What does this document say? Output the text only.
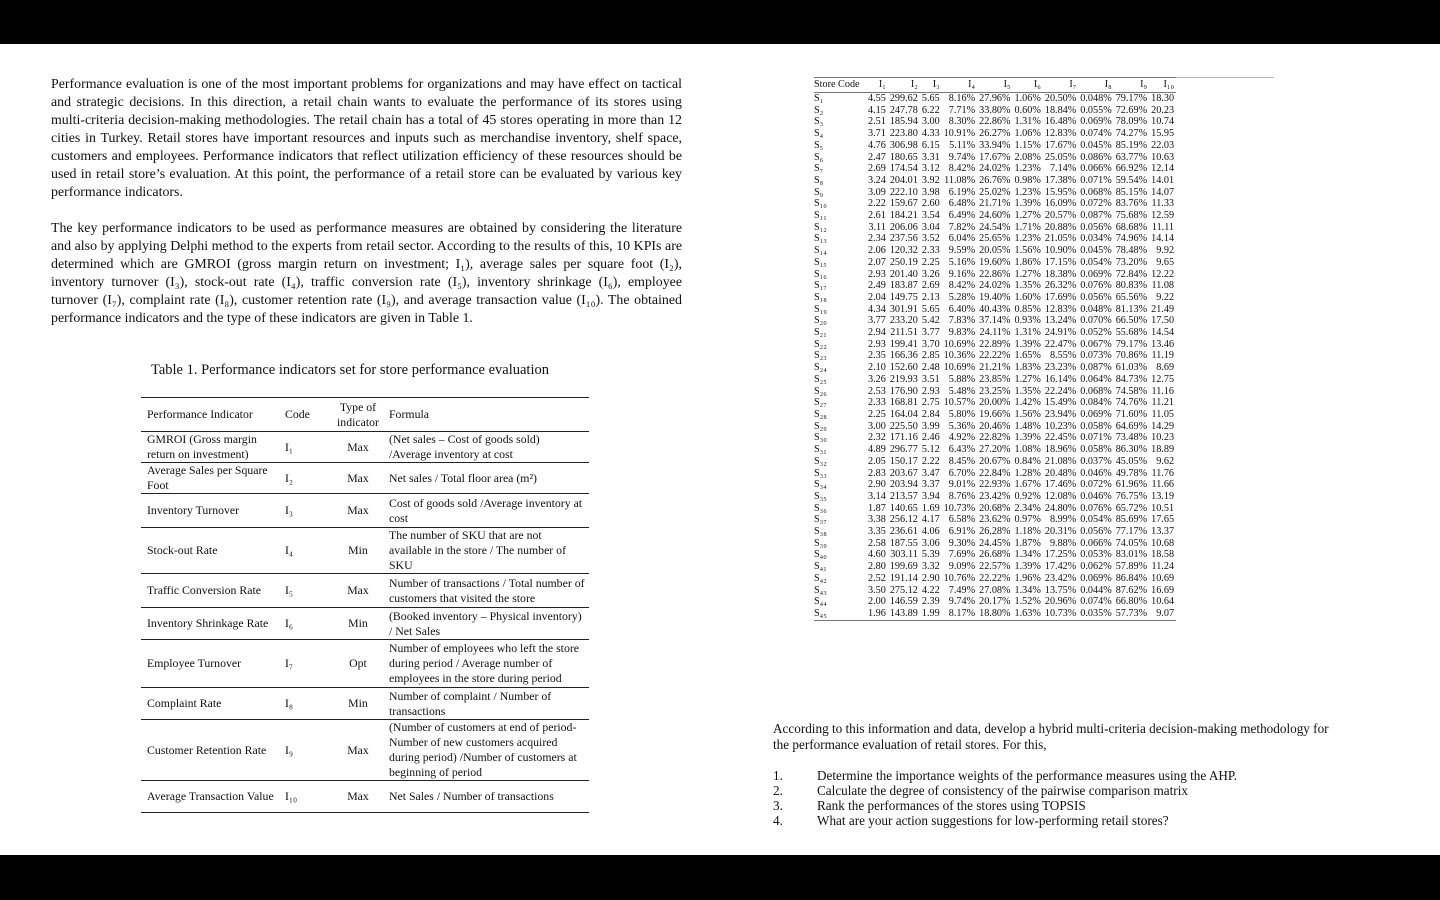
Performance evaluation is one of the most important problems for organizations and may have effect on tactical and strategic decisions. In this direction, a retail chain wants to evaluate the performance of its stores using multi-criteria decision-making methodologies. The retail chain has a total of 45 stores operating in more than 12 cities in Turkey. Retail stores have important resources and inputs such as merchandise inventory, shelf space, customers and employees. Performance indicators that reflect utilization efficiency of these resources should be used in retail store’s evaluation. At this point, the performance of a retail store can be evaluated by various key performance indicators.

The key performance indicators to be used as performance measures are obtained by considering the literature and also by applying Delphi method to the experts from retail sector. According to the results of this, 10 KPIs are determined which are GMROI (gross margin return on investment; I₁), average sales per square foot (I₂), inventory turnover (I₃), stock-out rate (I₄), traffic conversion rate (I₅), inventory shrinkage (I₆), employee turnover (I₇), complaint rate (I₈), customer retention rate (I₉), and average transaction value (I₁₀). The obtained performance indicators and the type of these indicators are given in Table 1.

Table 1. Performance indicators set for store performance evaluation
Performance Indicator	Code	Type of indicator	Formula
GMROI (Gross margin return on investment)	I₁	Max	(Net sales – Cost of goods sold) /Average inventory at cost
Average Sales per Square Foot	I₂	Max	Net sales / Total floor area (m²)
Inventory Turnover	I₃	Max	Cost of goods sold /Average inventory at cost
Stock-out Rate	I₄	Min	The number of SKU that are not available in the store / The number of SKU
Traffic Conversion Rate	I₅	Max	Number of transactions / Total number of customers that visited the store
Inventory Shrinkage Rate	I₆	Min	(Booked inventory – Physical inventory) / Net Sales
Employee Turnover	I₇	Opt	Number of employees who left the store during period / Average number of employees in the store during period
Complaint Rate	I₈	Min	Number of complaint / Number of transactions
Customer Retention Rate	I₉	Max	(Number of customers at end of period- Number of new customers acquired during period) /Number of customers at beginning of period
Average Transaction Value	I₁₀	Max	Net Sales / Number of transactions
Store Code	I₁	I₂	I₃	I₄	I₅	I₆	I₇	I₈	I₉	I₁₀
S₁	4.55	299.62	5.65	8.16%	27.96%	1.06%	20.50%	0.048%	79.17%	18.30
S₂	4.15	247.78	6.22	7.71%	33.80%	0.60%	18.84%	0.055%	72.69%	20.23
S₃	2.51	185.94	3.00	8.30%	22.86%	1.31%	16.48%	0.069%	78.09%	10.74
S₄	3.71	223.80	4.33	10.91%	26.27%	1.06%	12.83%	0.074%	74.27%	15.95
S₅	4.76	306.98	6.15	5.11%	33.94%	1.15%	17.67%	0.045%	85.19%	22.03
S₆	2.47	180.65	3.31	9.74%	17.67%	2.08%	25.05%	0.086%	63.77%	10.63
S₇	2.69	174.54	3.12	8.42%	24.02%	1.23%	7.14%	0.066%	66.92%	12.14
S₈	3.24	204.01	3.92	11.08%	26.76%	0.98%	17.38%	0.071%	59.54%	14.01
S₉	3.09	222.10	3.98	6.19%	25.02%	1.23%	15.95%	0.068%	85.15%	14.07
S₁₀	2.22	159.67	2.60	6.48%	21.71%	1.39%	16.09%	0.072%	83.76%	11.33
S₁₁	2.61	184.21	3.54	6.49%	24.60%	1.27%	20.57%	0.087%	75.68%	12.59
S₁₂	3.11	206.06	3.04	7.82%	24.54%	1.71%	20.88%	0.056%	68.68%	11.11
S₁₃	2.34	237.56	3.52	6.04%	25.65%	1.23%	21.05%	0.034%	74.96%	14.14
S₁₄	2.06	120.32	2.33	9.59%	20.05%	1.56%	10.90%	0.045%	78.48%	9.92
S₁₅	2.07	250.19	2.25	5.16%	19.60%	1.86%	17.15%	0.054%	73.20%	9.65
S₁₆	2.93	201.40	3.26	9.16%	22.86%	1.27%	18.38%	0.069%	72.84%	12.22
S₁₇	2.49	183.87	2.69	8.42%	24.02%	1.35%	26.32%	0.076%	80.83%	11.08
S₁₈	2.04	149.75	2.13	5.28%	19.40%	1.60%	17.69%	0.056%	65.56%	9.22
S₁₉	4.34	301.91	5.65	6.40%	40.43%	0.85%	12.83%	0.048%	81.13%	21.49
S₂₀	3.77	233.20	5.42	7.83%	37.14%	0.93%	13.24%	0.070%	66.50%	17.50
S₂₁	2.94	211.51	3.77	9.83%	24.11%	1.31%	24.91%	0.052%	55.68%	14.54
S₂₂	2.93	199.41	3.70	10.69%	22.89%	1.39%	22.47%	0.067%	79.17%	13.46
S₂₃	2.35	166.36	2.85	10.36%	22.22%	1.65%	8.55%	0.073%	70.86%	11.19
S₂₄	2.10	152.60	2.48	10.69%	21.21%	1.83%	23.23%	0.087%	61.03%	8.69
S₂₅	3.26	219.93	3.51	5.88%	23.85%	1.27%	16.14%	0.064%	84.73%	12.75
S₂₆	2.53	176.90	2.93	5.48%	23.25%	1.35%	22.24%	0.068%	74.58%	11.16
S₂₇	2.33	168.81	2.75	10.57%	20.00%	1.42%	15.49%	0.084%	74.76%	11.21
S₂₈	2.25	164.04	2.84	5.80%	19.66%	1.56%	23.94%	0.069%	71.60%	11.05
S₂₉	3.00	225.50	3.99	5.36%	20.46%	1.48%	10.23%	0.058%	64.69%	14.29
S₃₀	2.32	171.16	2.46	4.92%	22.82%	1.39%	22.45%	0.071%	73.48%	10.23
S₃₁	4.89	296.77	5.12	6.43%	27.20%	1.08%	18.96%	0.058%	86.30%	18.89
S₃₂	2.05	150.17	2.22	8.45%	20.67%	0.84%	21.08%	0.037%	45.05%	9.62
S₃₃	2.83	203.67	3.47	6.70%	22.84%	1.28%	20.48%	0.046%	49.78%	11.76
S₃₄	2.90	203.94	3.37	9.01%	22.93%	1.67%	17.46%	0.072%	61.96%	11.66
S₃₅	3.14	213.57	3.94	8.76%	23.42%	0.92%	12.08%	0.046%	76.75%	13.19
S₃₆	1.87	140.65	1.69	10.73%	20.68%	2.34%	24.80%	0.076%	65.72%	10.51
S₃₇	3.38	256.12	4.17	6.58%	23.62%	0.97%	8.99%	0.054%	85.69%	17.65
S₃₈	3.35	236.61	4.06	6.91%	26.28%	1.18%	20.31%	0.056%	77.17%	13.37
S₃₉	2.58	187.55	3.06	9.30%	24.45%	1.87%	9.88%	0.066%	74.05%	10.68
S₄₀	4.60	303.11	5.39	7.69%	26.68%	1.34%	17.25%	0.053%	83.01%	18.58
S₄₁	2.80	199.69	3.32	9.09%	22.57%	1.39%	17.42%	0.062%	57.89%	11.24
S₄₂	2.52	191.14	2.90	10.76%	22.22%	1.96%	23.42%	0.069%	86.84%	10.69
S₄₃	3.50	275.12	4.22	7.49%	27.08%	1.34%	13.75%	0.044%	87.62%	16.69
S₄₄	2.00	146.59	2.39	9.74%	20.17%	1.52%	20.96%	0.074%	66.80%	10.64
S₄₅	1.96	143.89	1.99	8.17%	18.80%	1.63%	10.73%	0.035%	57.73%	9.07

According to this information and data, develop a hybrid multi-criteria decision-making methodology for the performance evaluation of retail stores. For this,

1.	Determine the importance weights of the performance measures using the AHP.
2.	Calculate the degree of consistency of the pairwise comparison matrix
3.	Rank the performances of the stores using TOPSIS
4.	What are your action suggestions for low-performing retail stores?
